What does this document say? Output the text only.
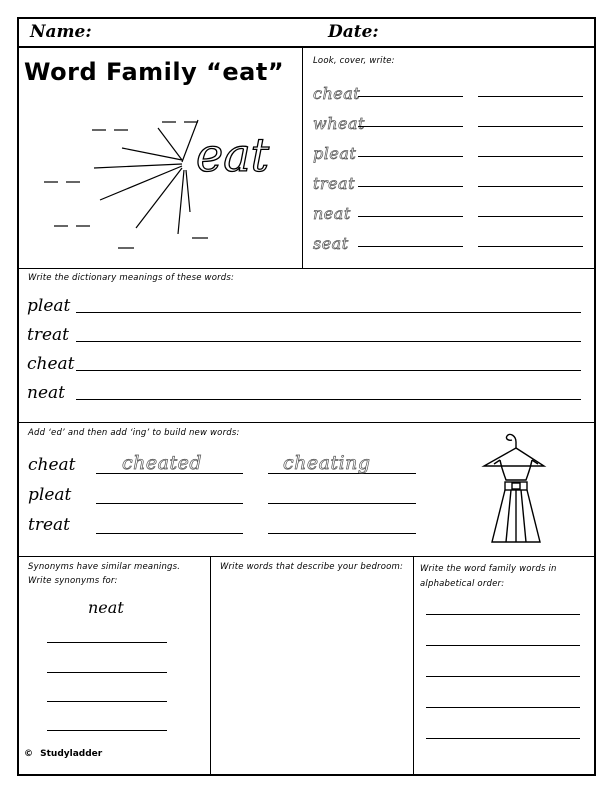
Name:	Date:
Word Family “eat”
eat
Look, cover, write:
cheat
wheat
pleat
treat
neat
seat
Write the dictionary meanings of these words:
pleat
treat
cheat
neat
Add ‘ed’ and then add ‘ing’ to build new words:
cheat
pleat
treat
cheated	cheating
Synonyms have similar meanings.
Write synonyms for:
neat
Write words that describe your bedroom: Write the word family words in alphabetical order:
© Studyladder
